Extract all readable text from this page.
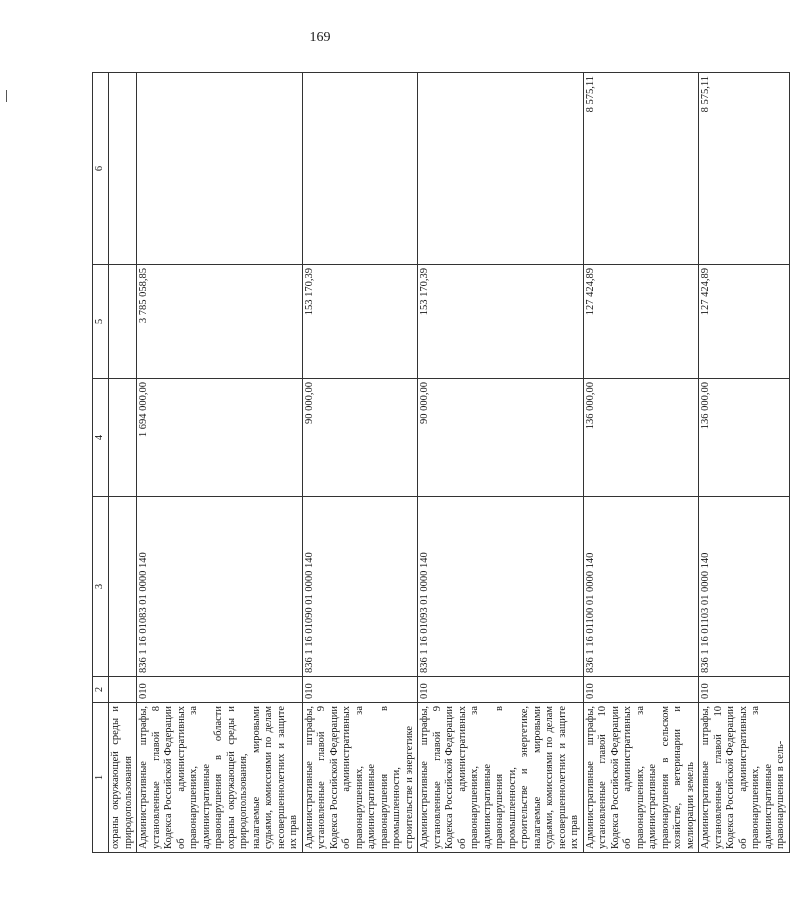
169
1	2	3	4	5	6
охраны окружающей среды и природопользования					
Административные штрафы, установленные главой 8 Кодекса Российской Федерации об административных правонарушениях, за административные правонарушения в области охраны окружающей среды и природопользования, налагаемые мировыми судьями, комиссиями по делам несовершеннолетних и защите их прав	010	836 1 16 01083 01 0000 140	1 694 000,00	3 785 058,85	
Административные штрафы, установленные главой 9 Кодекса Российской Федерации об административных правонарушениях, за административные правонарушения в промышленности, строительстве и энергетике	010	836 1 16 01090 01 0000 140	90 000,00	153 170,39	
Административные штрафы, установленные главой 9 Кодекса Российской Федерации об административных правонарушениях, за административные правонарушения в промышленности, строительстве и энергетике, налагаемые мировыми судьями, комиссиями по делам несовершеннолетних и защите их прав	010	836 1 16 01093 01 0000 140	90 000,00	153 170,39	
Административные штрафы, установленные главой 10 Кодекса Российской Федерации об административных правонарушениях, за административные правонарушения в сельском хозяйстве, ветеринарии и мелиорации земель	010	836 1 16 01100 01 0000 140	136 000,00	127 424,89	8 575,11
Административные штрафы, установленные главой 10 Кодекса Российской Федерации об административных правонарушениях, за административные правонарушения в сель-	010	836 1 16 01103 01 0000 140	136 000,00	127 424,89	8 575,11
